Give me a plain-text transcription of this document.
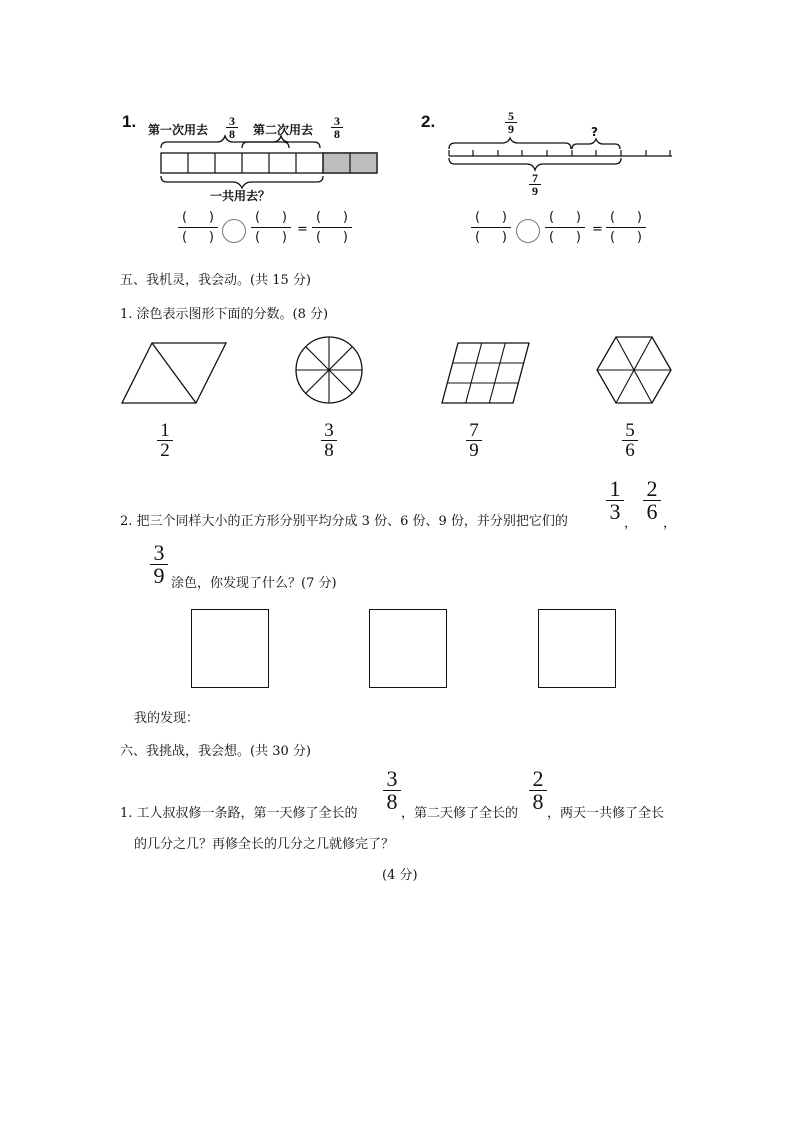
1. 第一次用去
3
8 第二次用去
3
8
一共用去？
( )
( )
( )
( )
=
( )
( )
2.	5
9	?
7
9
( )
( )
( )
( )
=
( )
( )
五、我机灵，我会动。(共 15 分)
1. 涂色表示图形下面的分数。(8 分)
1
2
3
8
7
9
5
6
2. 把三个同样大小的正方形分别平均分成 3 份、6 份、9 份，并分别把它们的
1
3 ，
2
6 ，
3
9 涂色，你发现了什么？(7 分)
我的发现：
六、我挑战，我会想。(共 30 分)
1. 工人叔叔修一条路，第一天修了全长的
3
8 ，第二天修了全长的
2
8 ，两天一共修了全长
的几分之几？再修全长的几分之几就修完了？
(4 分)
